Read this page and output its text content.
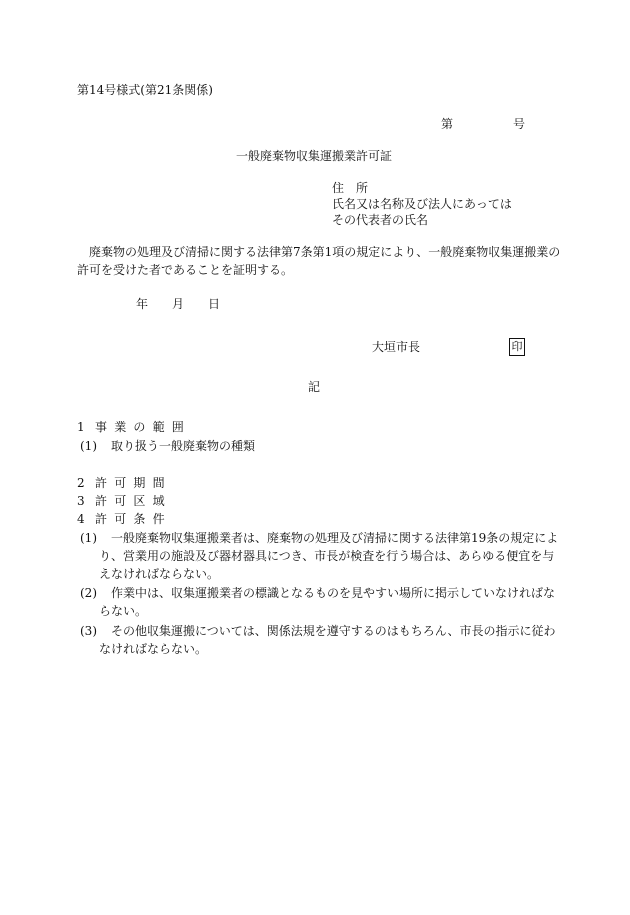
第14号様式(第21条関係)
第	号
一般廃棄物収集運搬業許可証
住　所
氏名又は名称及び法人にあっては
その代表者の氏名
　廃棄物の処理及び清掃に関する法律第7条第1項の規定により、一般廃棄物収集運搬業の
許可を受けた者であることを証明する。
年 月 日
大垣市長	印
記
1 事業の範囲
(1) 取り扱う一般廃棄物の種類
2 許可期間
3 許可区域
4 許可条件
(1) 一般廃棄物収集運搬業者は、廃棄物の処理及び清掃に関する法律第19条の規定によ
り、営業用の施設及び器材器具につき、市長が検査を行う場合は、あらゆる便宜を与
えなければならない。
(2) 作業中は、収集運搬業者の標識となるものを見やすい場所に掲示していなければな
らない。
(3) その他収集運搬については、関係法規を遵守するのはもちろん、市長の指示に従わ
なければならない。
